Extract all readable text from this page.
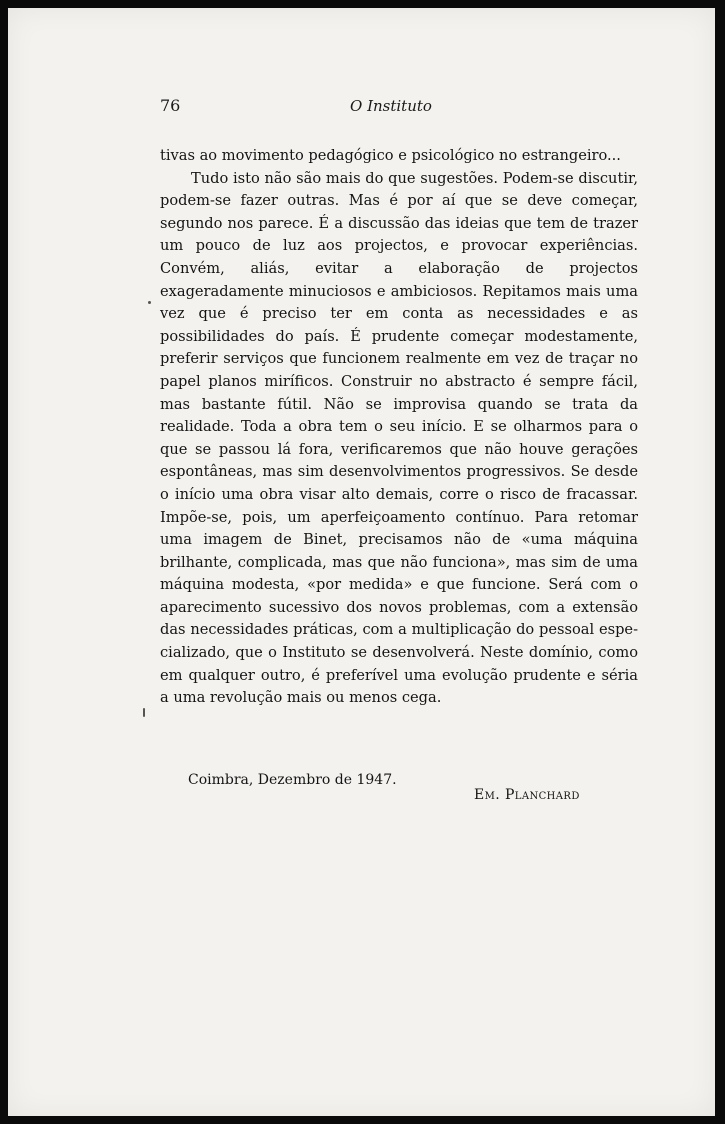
76	O Instituto

tivas ao movimento pedagógico e psicológico no estrangeiro...

Tudo isto não são mais do que sugestões. Podem-se discutir, podem-se fazer outras. Mas é por aí que se deve começar, segundo nos parece. É a discussão das ideias que tem de trazer um pouco de luz aos projectos, e provocar experiências. Convém, aliás, evitar a elaboração de projectos exageradamente minuciosos e ambiciosos. Repitamos mais uma vez que é preciso ter em conta as necessidades e as possibilidades do país. É prudente começar modestamente, preferir serviços que funcionem realmente em vez de traçar no papel planos miríficos. Construir no abstracto é sempre fácil, mas bastante fútil. Não se improvisa quando se trata da realidade. Toda a obra tem o seu início. E se olharmos para o que se passou lá fora, verificaremos que não houve gerações espontâneas, mas sim desenvolvimentos progressivos. Se desde o início uma obra visar alto demais, corre o risco de fracassar. Impõe-se, pois, um aperfeiçoamento contínuo. Para retomar uma imagem de Binet, precisamos não de «uma máquina brilhante, complicada, mas que não funciona», mas sim de uma máquina modesta, «por medida» e que funcione. Será com o aparecimento sucessivo dos novos problemas, com a extensão das necessidades práticas, com a multiplicação do pessoal especializado, que o Instituto se desenvolverá. Neste domínio, como em qualquer outro, é preferível uma evolução prudente e séria a uma revolução mais ou menos cega.

Coimbra, Dezembro de 1947.
Em. Planchard
